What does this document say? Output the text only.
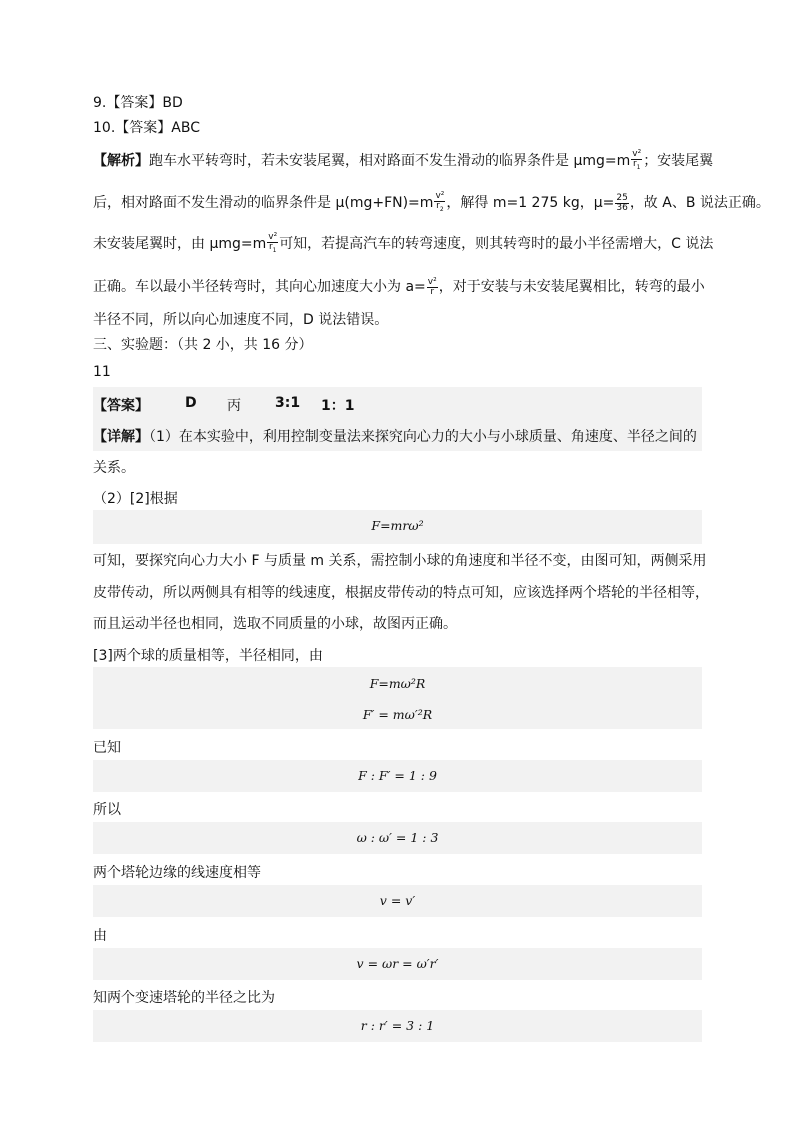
9.【答案】BD
10.【答案】ABC
【解析】跑车水平转弯时，若未安装尾翼，相对路面不发生滑动的临界条件是 $\mu mg=m \frac{\text{v²}}{r_1}$ ；安装尾翼
后，相对路面不发生滑动的临界条件是 $\mu(mg+FN)=m \frac{\text{v²}}{r_2}$ ，解得 m=1 275 kg，$\mu= \frac{25}{36}$ ，故 A、B 说法正确。
未安装尾翼时，由 $\mu mg=m \frac{\text{v²}}{r_1}$ 可知，若提高汽车的转弯速度，则其转弯时的最小半径需增大，C 说法
正确。车以最小半径转弯时，其向心加速度大小为 $a= \frac{\text{v²}}{r}$ ，对于安装与未安装尾翼相比，转弯的最小
半径不同，所以向心加速度不同，D 说法错误。
三、实验题：（共 2 小，共 16 分）
11
【答案】	D 丙 3:1 1：1
【详解】（1）在本实验中，利用控制变量法来探究向心力的大小与小球质量、角速度、半径之间的
关系。
（2）[2]根据
F=mrω²
可知，要探究向心力大小 F 与质量 m 关系，需控制小球的角速度和半径不变，由图可知，两侧采用
皮带传动，所以两侧具有相等的线速度，根据皮带传动的特点可知，应该选择两个塔轮的半径相等，
而且运动半径也相同，选取不同质量的小球，故图丙正确。
[3]两个球的质量相等，半径相同，由
F=mω²R
F′ = mω′²R
已知
F : F′ = 1 : 9
所以
ω : ω′ = 1 : 3
两个塔轮边缘的线速度相等
v = v′
由
v = ωr = ω′r′
知两个变速塔轮的半径之比为
r : r′ = 3 : 1
